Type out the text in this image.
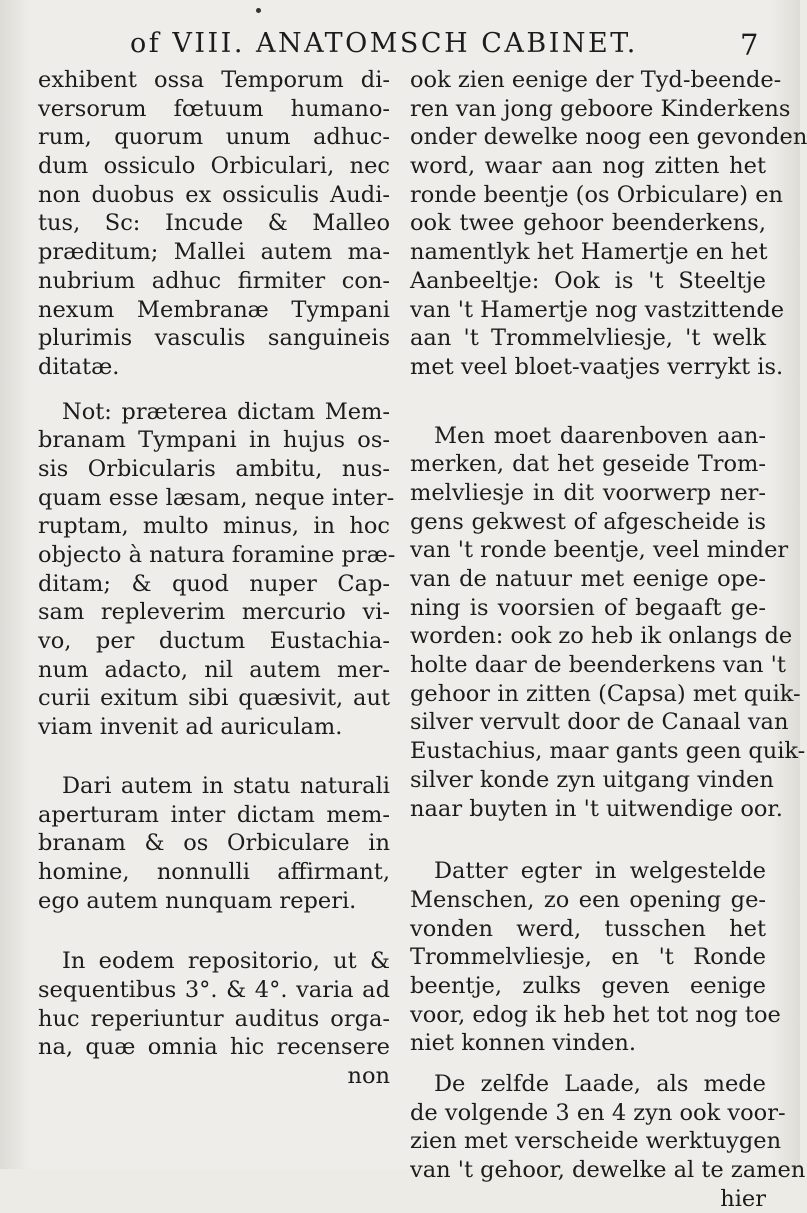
of VIII. ANATOMSCH CABINET.	7
exhibent ossa Temporum di-
versorum fœtuum humano-
rum, quorum unum adhuc-
dum ossiculo Orbiculari, nec
non duobus ex ossiculis Audi-
tus, Sc: Incude & Malleo
præditum; Mallei autem ma-
nubrium adhuc firmiter con-
nexum Membranæ Tympani
plurimis vasculis sanguineis
ditatæ.
Not: præterea dictam Mem-
branam Tympani in hujus os-
sis Orbicularis ambitu, nus-
quam esse læsam, neque inter-
ruptam, multo minus, in hoc
objecto à natura foramine præ-
ditam; & quod nuper Cap-
sam repleverim mercurio vi-
vo, per ductum Eustachia-
num adacto, nil autem mer-
curii exitum sibi quæsivit, aut
viam invenit ad auriculam.
Dari autem in statu naturali
aperturam inter dictam mem-
branam & os Orbiculare in
homine, nonnulli affirmant,
ego autem nunquam reperi.
In eodem repositorio, ut &
sequentibus 3°. & 4°. varia ad
huc reperiuntur auditus orga-
na, quæ omnia hic recensere
non
ook zien eenige der Tyd-beende-
ren van jong geboore Kinderkens
onder dewelke noog een gevonden
word, waar aan nog zitten het
ronde beentje (os Orbiculare) en
ook twee gehoor beenderkens,
namentlyk het Hamertje en het
Aanbeeltje: Ook is 't Steeltje
van 't Hamertje nog vastzittende
aan 't Trommelvliesje, 't welk
met veel bloet-vaatjes verrykt is.
Men moet daarenboven aan-
merken, dat het geseide Trom-
melvliesje in dit voorwerp ner-
gens gekwest of afgescheide is
van 't ronde beentje, veel minder
van de natuur met eenige ope-
ning is voorsien of begaaft ge-
worden: ook zo heb ik onlangs de
holte daar de beenderkens van 't
gehoor in zitten (Capsa) met quik-
silver vervult door de Canaal van
Eustachius, maar gants geen quik-
silver konde zyn uitgang vinden
naar buyten in 't uitwendige oor.
Datter egter in welgestelde
Menschen, zo een opening ge-
vonden werd, tusschen het
Trommelvliesje, en 't Ronde
beentje, zulks geven eenige
voor, edog ik heb het tot nog toe
niet konnen vinden.
De zelfde Laade, als mede
de volgende 3 en 4 zyn ook voor-
zien met verscheide werktuygen
van 't gehoor, dewelke al te zamen
hier
